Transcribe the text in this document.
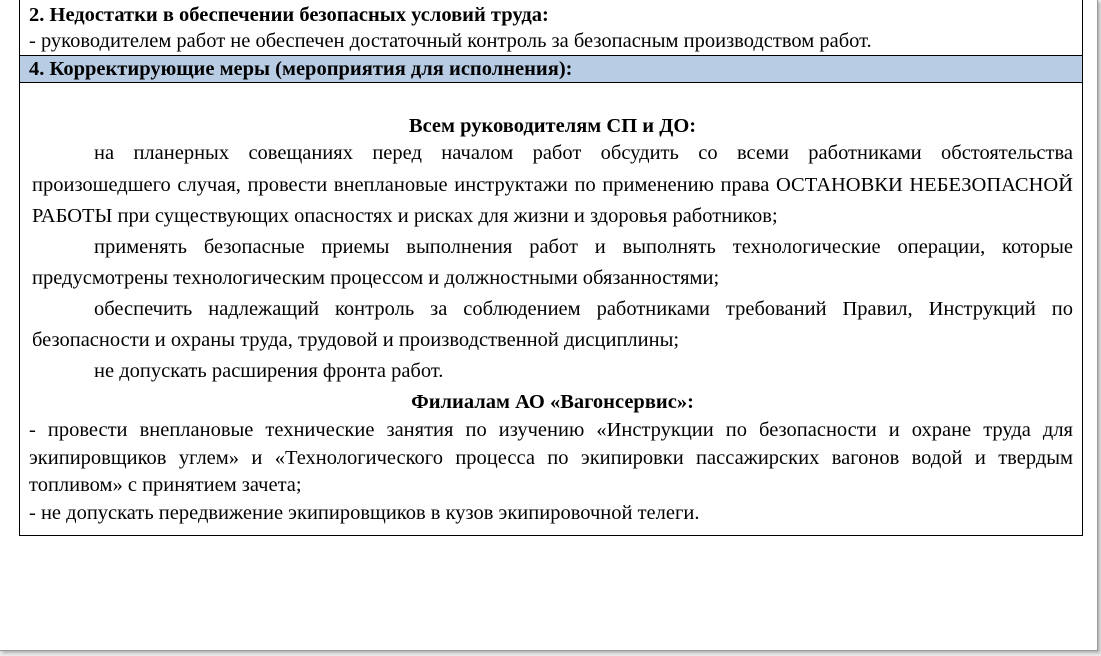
2. Недостатки в обеспечении безопасных условий труда:
- руководителем работ не обеспечен достаточный контроль за безопасным производством работ.
4. Корректирующие меры (мероприятия для исполнения):
Всем руководителям СП и ДО:
на планерных совещаниях перед началом работ обсудить со всеми работниками обстоятельства произошедшего случая, провести внеплановые инструктажи по применению права ОСТАНОВКИ НЕБЕЗОПАСНОЙ РАБОТЫ при существующих опасностях и рисках для жизни и здоровья работников;
применять безопасные приемы выполнения работ и выполнять технологические операции, которые предусмотрены технологическим процессом и должностными обязанностями;
обеспечить надлежащий контроль за соблюдением работниками требований Правил, Инструкций по безопасности и охраны труда, трудовой и производственной дисциплины;
не допускать расширения фронта работ.
Филиалам АО «Вагонсервис»:
- провести внеплановые технические занятия по изучению «Инструкции по безопасности и охране труда для экипировщиков углем» и «Технологического процесса по экипировки пассажирских вагонов водой и твердым топливом» с принятием зачета;
- не допускать передвижение экипировщиков в кузов экипировочной телеги.
